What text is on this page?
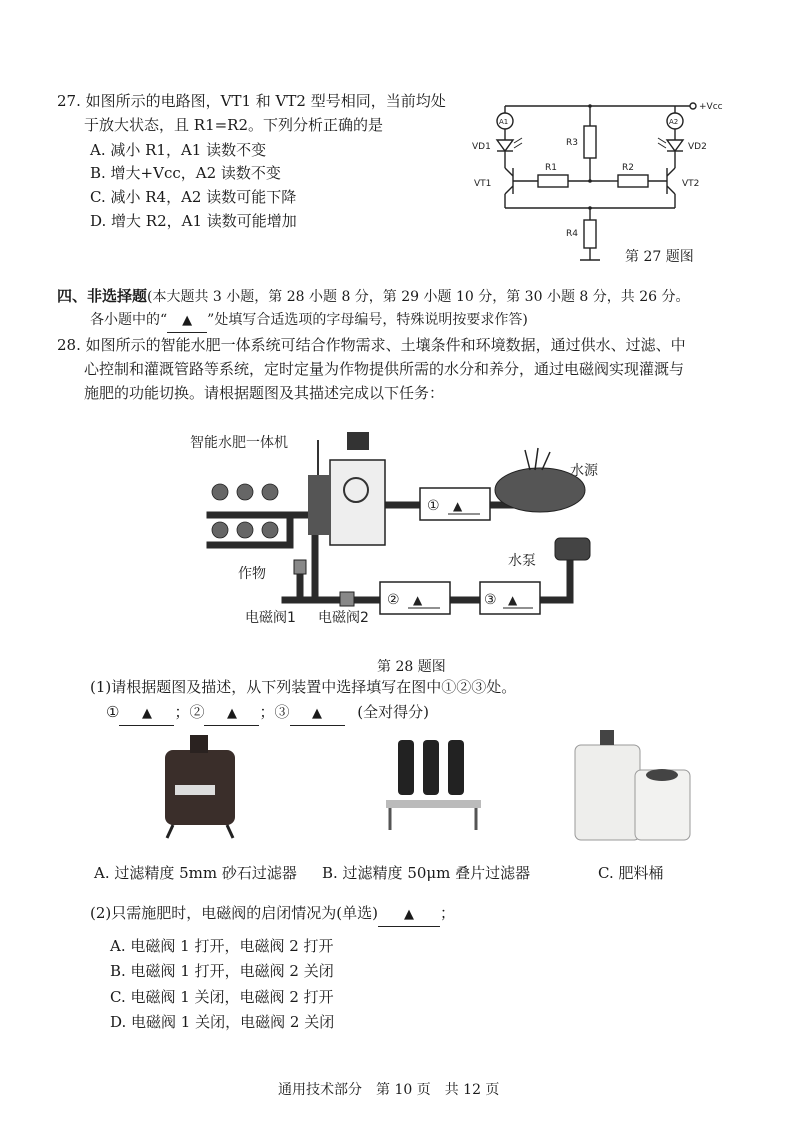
27. 如图所示的电路图，VT1 和 VT2 型号相同，当前均处
于放大状态，且 R1=R2。下列分析正确的是
A. 减小 R1，A1 读数不变
B. 增大+Vcc，A2 读数不变
C. 减小 R4，A2 读数可能下降
D. 增大 R2，A1 读数可能增加
+Vcc
A1	A2
VD1	VD2
R1	R2
R3
R4
VT1	VT2
第 27 题图
四、非选择题(本大题共 3 小题，第 28 小题 8 分，第 29 小题 10 分，第 30 小题 8 分，共 26 分。
各小题中的“ ▲ ”处填写合适选项的字母编号，特殊说明按要求作答)
28. 如图所示的智能水肥一体系统可结合作物需求、土壤条件和环境数据，通过供水、过滤、中
心控制和灌溉管路等系统，定时定量为作物提供所需的水分和养分，通过电磁阀实现灌溉与
施肥的功能切换。请根据题图及其描述完成以下任务：
智能水肥一体机
水源
水泵
作物
电磁阀1 电磁阀2
① ▲
② ▲	③ ▲
第 28 题图
(1)请根据题图及描述，从下列装置中选择填写在图中①②③处。
① ▲ ；② ▲ ；③ ▲ (全对得分)
A. 过滤精度 5mm 砂石过滤器 B. 过滤精度 50μm 叠片过滤器	C. 肥料桶
(2)只需施肥时，电磁阀的启闭情况为(单选) ▲ ；
A. 电磁阀 1 打开，电磁阀 2 打开
B. 电磁阀 1 打开，电磁阀 2 关闭
C. 电磁阀 1 关闭，电磁阀 2 打开
D. 电磁阀 1 关闭，电磁阀 2 关闭
通用技术部分　第 10 页　共 12 页
